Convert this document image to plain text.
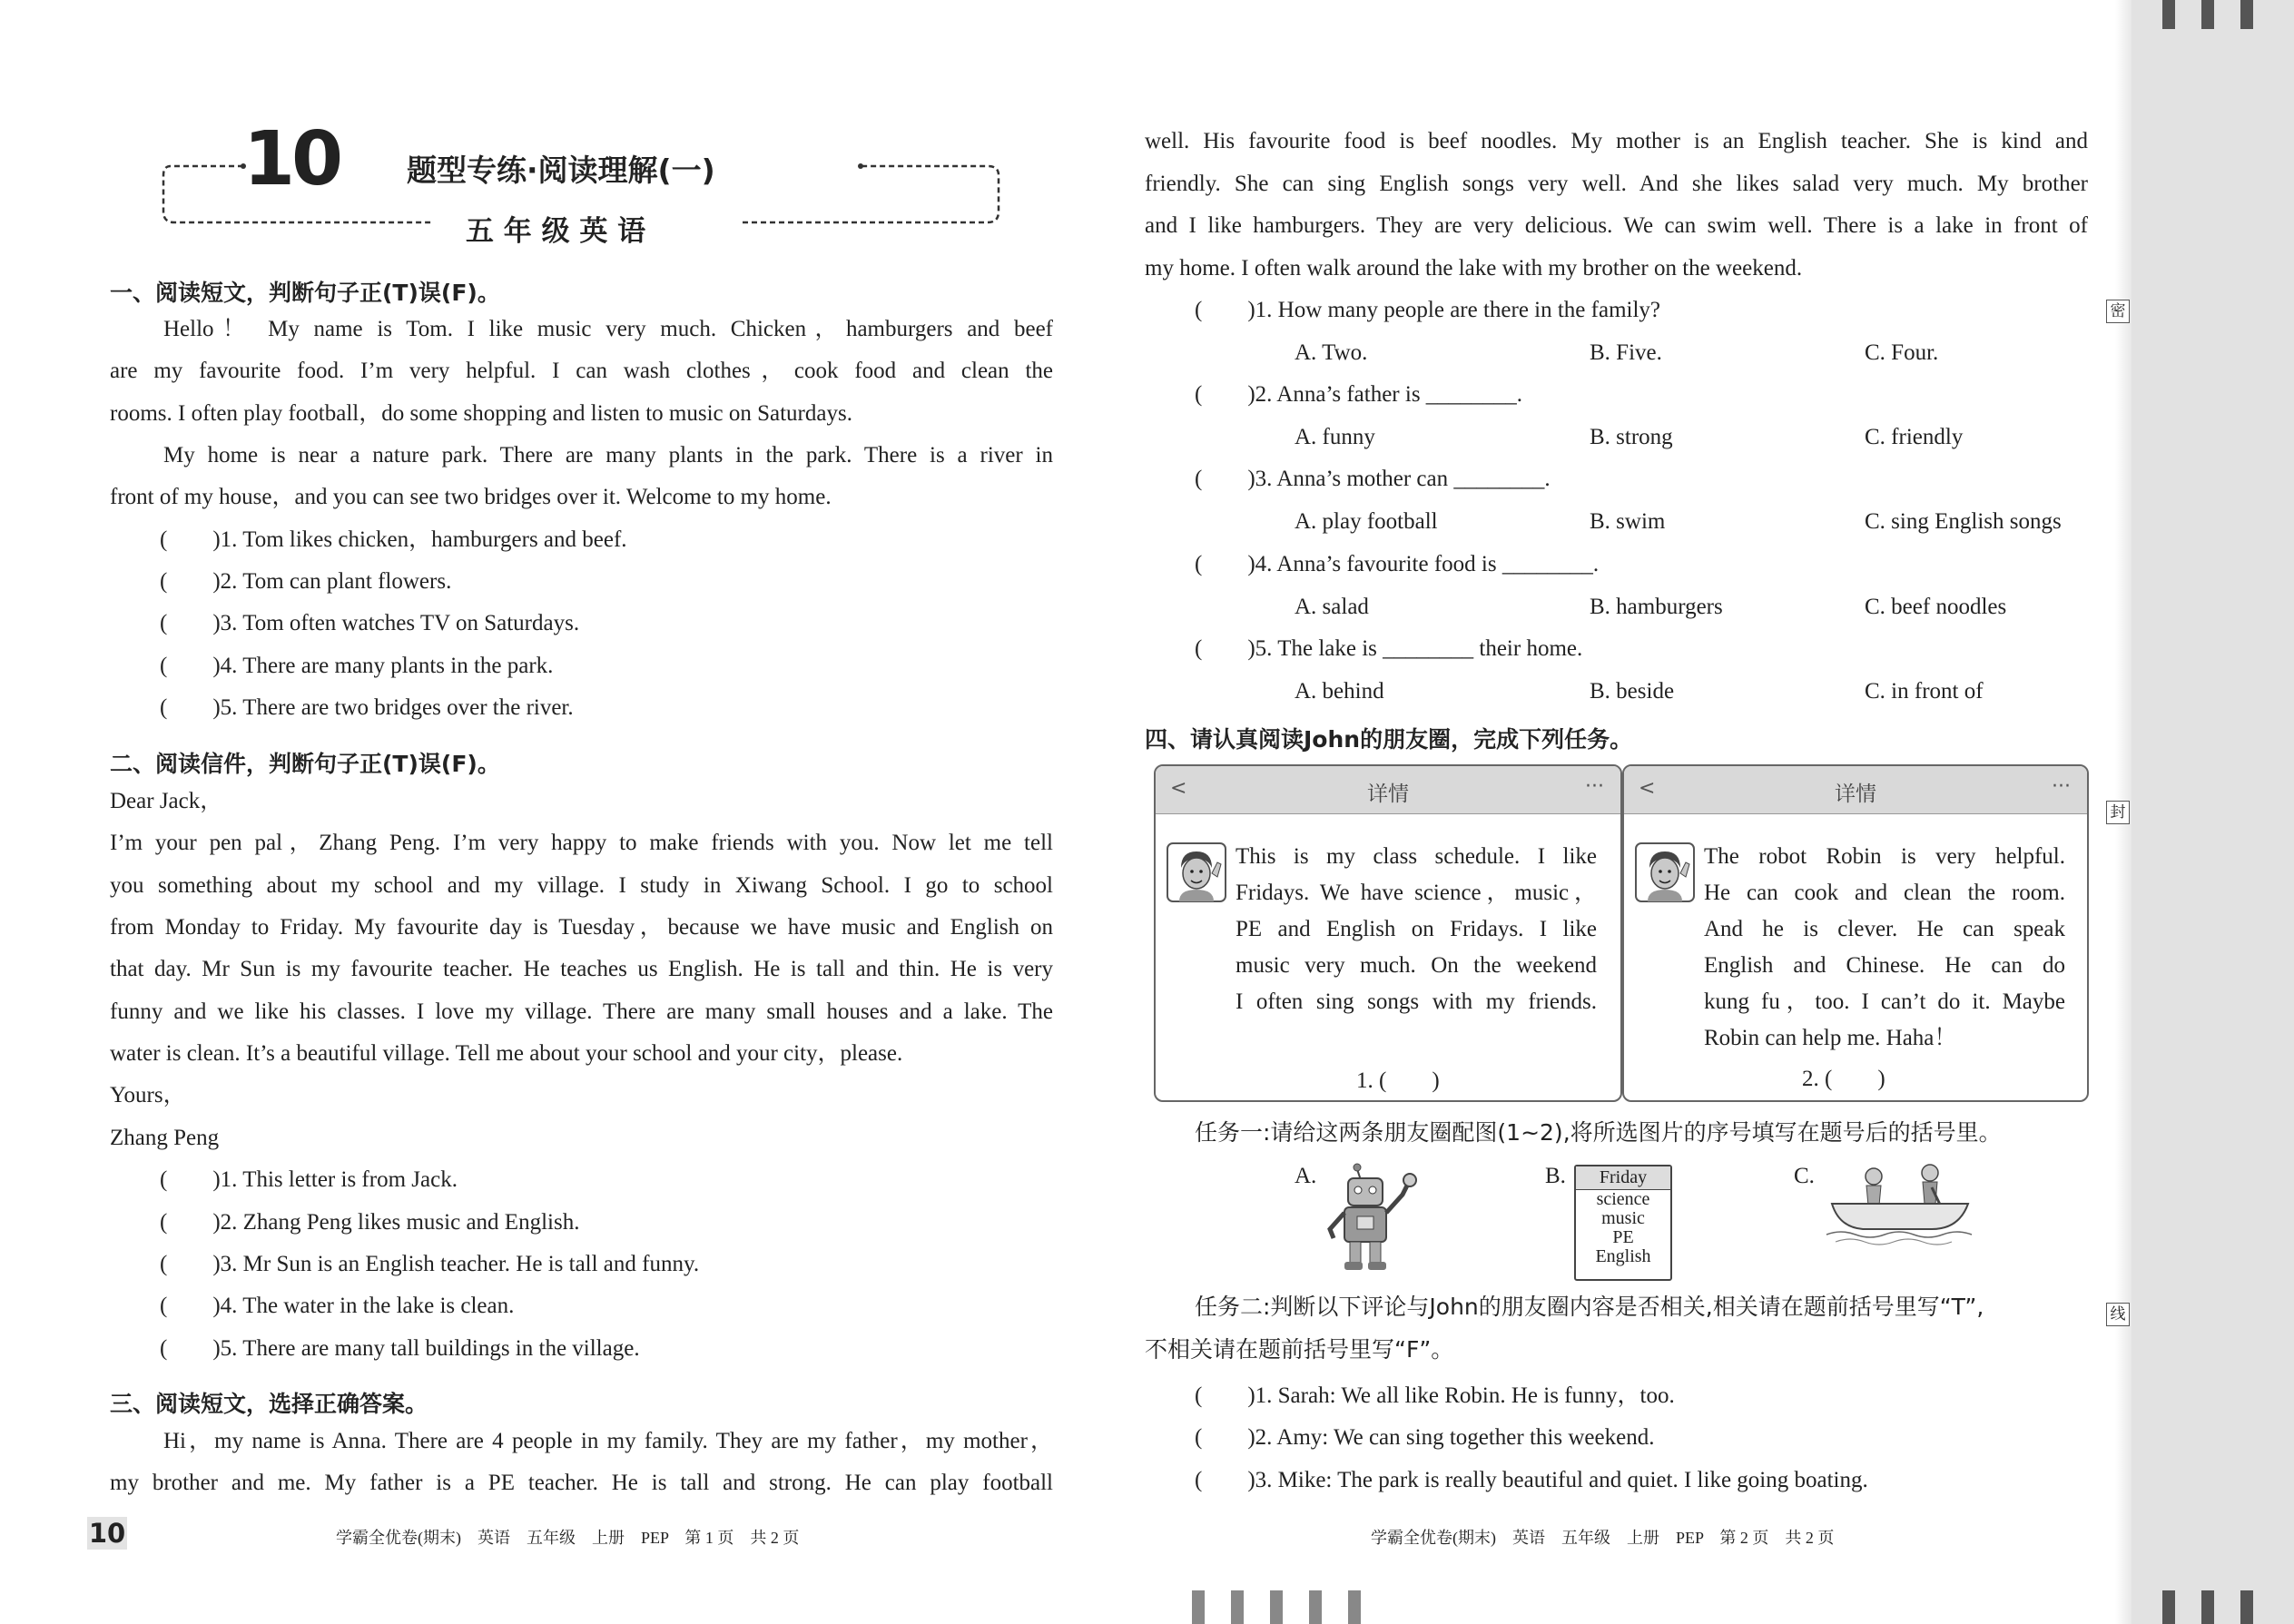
密
封
线
10 题型专练·阅读理解(一)
五 年 级 英 语
一、阅读短文，判断句子正(T)误(F)。
Hello！ My name is Tom. I like music very much. Chicken，hamburgers and beef
are my favourite food. I’m very helpful. I can wash clothes，cook food and clean the
rooms. I often play football，do some shopping and listen to music on Saturdays.
My home is near a nature park. There are many plants in the park. There is a river in
front of my house，and you can see two bridges over it. Welcome to my home.
(　　)1. Tom likes chicken，hamburgers and beef.
(　　)2. Tom can plant flowers.
(　　)3. Tom often watches TV on Saturdays.
(　　)4. There are many plants in the park.
(　　)5. There are two bridges over the river.
二、阅读信件，判断句子正(T)误(F)。
Dear Jack，
I’m your pen pal，Zhang Peng. I’m very happy to make friends with you. Now let me tell
you something about my school and my village. I study in Xiwang School. I go to school
from Monday to Friday. My favourite day is Tuesday，because we have music and English on
that day. Mr Sun is my favourite teacher. He teaches us English. He is tall and thin. He is very
funny and we like his classes. I love my village. There are many small houses and a lake. The
water is clean. It’s a beautiful village. Tell me about your school and your city，please.
Yours，
Zhang Peng
(　　)1. This letter is from Jack.
(　　)2. Zhang Peng likes music and English.
(　　)3. Mr Sun is an English teacher. He is tall and funny.
(　　)4. The water in the lake is clean.
(　　)5. There are many tall buildings in the village.
三、阅读短文，选择正确答案。
Hi，my name is Anna. There are 4 people in my family. They are my father，my mother，
my brother and me. My father is a PE teacher. He is tall and strong. He can play football
well. His favourite food is beef noodles. My mother is an English teacher. She is kind and
friendly. She can sing English songs very well. And she likes salad very much. My brother
and I like hamburgers. They are very delicious. We can swim well. There is a lake in front of
my home. I often walk around the lake with my brother on the weekend.
(　　)1. How many people are there in the family?
A. Two.	B. Five.	C. Four.
(　　)2. Anna’s father is ________.
A. funny	B. strong	C. friendly
(　　)3. Anna’s mother can ________.
A. play football	B. swim	C. sing English songs
(　　)4. Anna’s favourite food is ________.
A. salad	B. hamburgers	C. beef noodles
(　　)5. The lake is ________ their home.
A. behind	B. beside	C. in front of
四、请认真阅读John的朋友圈，完成下列任务。
<	详情	···
This is my class schedule. I like
Fridays. We have science，music，
PE and English on Fridays. I like
music very much. On the weekend
I often sing songs with my friends.
1. (　　)
<	详情	···
The robot Robin is very helpful.
He can cook and clean the room.
And he is clever. He can speak
English and Chinese. He can do
kung fu，too. I can’t do it. Maybe
Robin can help me. Haha！
2. (　　)
任务一:请给这两条朋友圈配图(1~2),将所选图片的序号填写在题号后的括号里。
A.	B.	Friday
science
music
PE
English
C.
任务二:判断以下评论与John的朋友圈内容是否相关,相关请在题前括号里写“T”,
不相关请在题前括号里写“F”。
(　　)1. Sarah: We all like Robin. He is funny，too.
(　　)2. Amy: We can sing together this weekend.
(　　)3. Mike: The park is really beautiful and quiet. I like going boating.
10	学霸全优卷(期末)　英语　五年级　上册　PEP　第 1 页　共 2 页	学霸全优卷(期末)　英语　五年级　上册　PEP　第 2 页　共 2 页
